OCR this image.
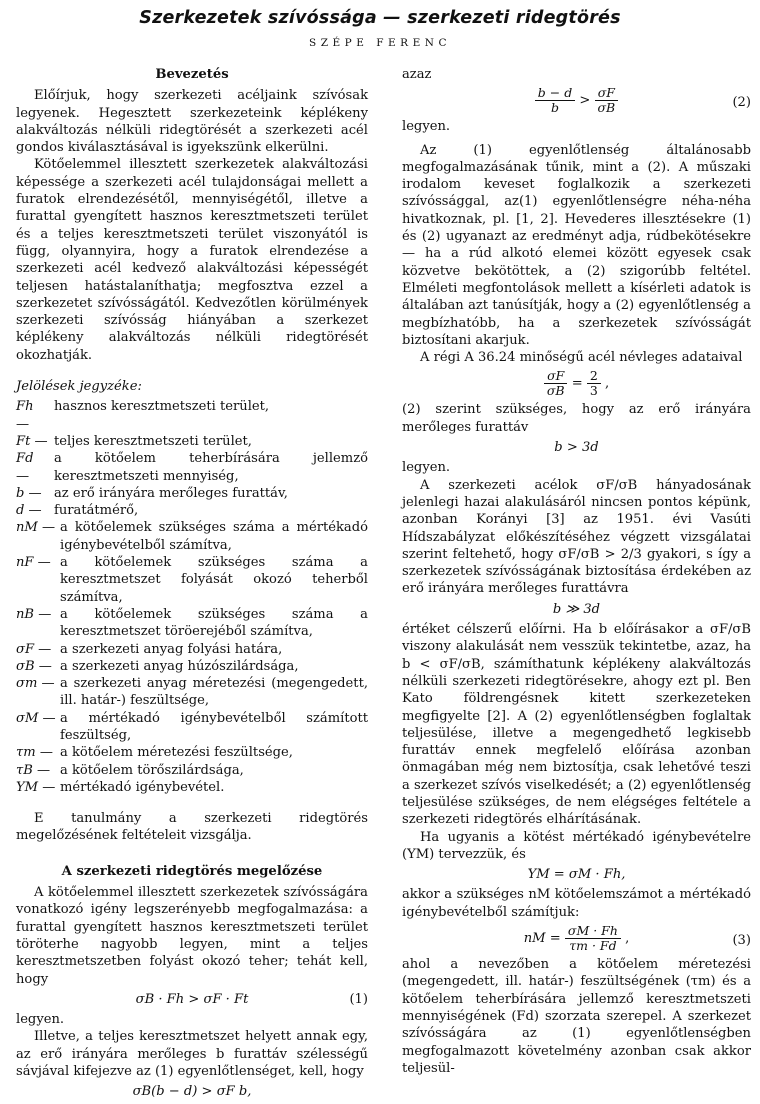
Szerkezetek szívóssága — szerkezeti ridegtörés
SZÉPE FERENC
Bevezetés

Előírjuk, hogy szerkezeti acéljaink szívósak legyenek. Hegesztett szerkezeteink képlékeny alakváltozás nélküli ridegtörését a szerkezeti acél gondos kiválasztásával is igyekszünk elkerülni.

Kötőelemmel illesztett szerkezetek alakváltozási képessége a szerkezeti acél tulajdonságai mellett a furatok elrendezésétől, mennyiségétől, illetve a furattal gyengített hasznos keresztmetszeti terület és a teljes keresztmetszeti terület viszonyától is függ, olyannyira, hogy a furatok elrendezése a szerkezeti acél kedvező alakváltozási képességét teljesen hatástalaníthatja; megfosztva ezzel a szerkezetet szívósságától. Kedvezőtlen körülmények szerkezeti szívósság hiányában a szerkezet képlékeny alakváltozás nélküli ridegtörését okozhatják.

Jelölések jegyzéke:
Fh —
hasznos keresztmetszeti terület,
Ft — teljes keresztmetszeti terület,
Fd —
a kötőelem teherbírására jellemző keresztmetszeti mennyiség,
b — az erő irányára merőleges furattáv,
d — furatátmérő,
nM — a kötőelemek szükséges száma a mértékadó igénybevételből számítva,
nF — a kötőelemek szükséges száma a keresztmetszet folyását okozó teherből számítva,
nB — a kötőelemek szükséges száma a keresztmetszet töröerejéből számítva,
σF — a szerkezeti anyag folyási határa,
σB — a szerkezeti anyag húzószilárdsága,
σm — a szerkezeti anyag méretezési (megengedett, ill. határ-) feszültsége,
σM — a mértékadó igénybevételből számított feszültség,
τm — a kötőelem méretezési feszültsége,
τB — a kötőelem törőszilárdsága,
YM — mértékadó igénybevétel.

E tanulmány a szerkezeti ridegtörés megelőzésének feltételeit vizsgálja.

A szerkezeti ridegtörés megelőzése

A kötőelemmel illesztett szerkezetek szívósságára vonatkozó igény legszerényebb megfogalmazása: a furattal gyengített hasznos keresztmetszeti terület töröterhe nagyobb legyen, mint a teljes keresztmetszetben folyást okozó teher; tehát kell, hogy

σB · Fh > σF · Ft	(1)

legyen.

Illetve, a teljes keresztmetszet helyett annak egy, az erő irányára merőleges b furattáv szélességű sávjával kifejezve az (1) egyenlőtlenséget, kell, hogy

σB(b − d) > σF b,

azaz

$\frac{b - d}{b} > \frac{\sigma F}{\sigma B}$	(2)

legyen.

Az (1) egyenlőtlenség általánosabb megfogalmazásának tűnik, mint a (2). A műszaki irodalom keveset foglalkozik a szerkezeti szívóssággal, az(1) egyenlőtlenségre néha-néha hivatkoznak, pl. [1, 2]. Hevederes illesztésekre (1) és (2) ugyanazt az eredményt adja, rúdbekötésekre — ha a rúd alkotó elemei között egyesek csak közvetve bekötöttek, a (2) szigorúbb feltétel. Elméleti megfontolások mellett a kísérleti adatok is általában azt tanúsítják, hogy a (2) egyenlőtlenség a megbízhatóbb, ha a szerkezetek szívósságát biztosítani akarjuk.

A régi A 36.24 minőségű acél névleges adataival

$\frac{\sigma F}{\sigma B} = \frac{2}{3}$ ,

(2) szerint szükséges, hogy az erő irányára merőleges furattáv

b > 3d

legyen.

A szerkezeti acélok σF/σB hányadosának jelenlegi hazai alakulásáról nincsen pontos képünk, azonban Korányi [3] az 1951. évi Vasúti Hídszabályzat előkészítéséhez végzett vizsgálatai szerint feltehető, hogy σF/σB > 2/3 gyakori, s így a szerkezetek szívósságának biztosítása érdekében az erő irányára merőleges furattávra

b ≫ 3d

értéket célszerű előírni. Ha b előírásakor a σF/σB viszony alakulását nem vesszük tekintetbe, azaz, ha b < σF/σB, számíthatunk képlékeny alakváltozás nélküli szerkezeti ridegtörésekre, ahogy ezt pl. Ben Kato földrengésnek kitett szerkezeteken megfigyelte [2]. A (2) egyenlőtlenségben foglaltak teljesülése, illetve a megengedhető legkisebb furattáv ennek megfelelő előírása azonban önmagában még nem biztosítja, csak lehetővé teszi a szerkezet szívós viselkedését; a (2) egyenlőtlenség teljesülése szükséges, de nem elégséges feltétele a szerkezeti ridegtörés elhárításának.

Ha ugyanis a kötést mértékadó igénybevételre (YM) tervezzük, és

YM = σM · Fh,

akkor a szükséges nM kötőelemszámot a mértékadó igénybevételből számítjuk:

nM = $\frac{\sigma M \cdot Fh}{\tau m \cdot Fd}$ ,	(3)

ahol a nevezőben a kötőelem méretezési (megengedett, ill. határ-) feszültségének (τm) és a kötőelem teherbírására jellemző keresztmetszeti mennyiségének (Fd) szorzata szerepel. A szerkezet szívósságára az (1) egyenlőtlenségben megfogalmazott követelmény azonban csak akkor teljesül-
